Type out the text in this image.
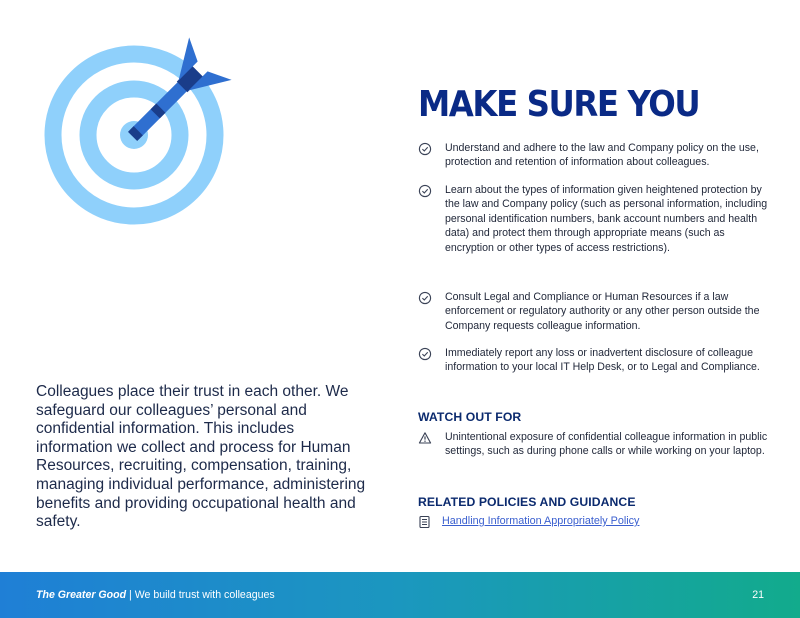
Colleagues place their trust in each other. We safeguard our colleagues’ personal and confidential information. This includes information we collect and process for Human Resources, recruiting, compensation, training, managing individual performance, administering benefits and providing occupational health and safety.

MAKE SURE YOU
Understand and adhere to the law and Company policy on the use, protection and retention of information about colleagues.
Learn about the types of information given heightened protection by the law and Company policy (such as personal information, including personal identification numbers, bank account numbers and health data) and protect them through appropriate means (such as encryption or other types of access restrictions).
Consult Legal and Compliance or Human Resources if a law enforcement or regulatory authority or any other person outside the Company requests colleague information.
Immediately report any loss or inadvertent disclosure of colleague information to your local IT Help Desk, or to Legal and Compliance.
WATCH OUT FOR
Unintentional exposure of confidential colleague information in public settings, such as during phone calls or while working on your laptop.
RELATED POLICIES AND GUIDANCE
Handling Information Appropriately Policy
The Greater Good | We build trust with colleagues	21
